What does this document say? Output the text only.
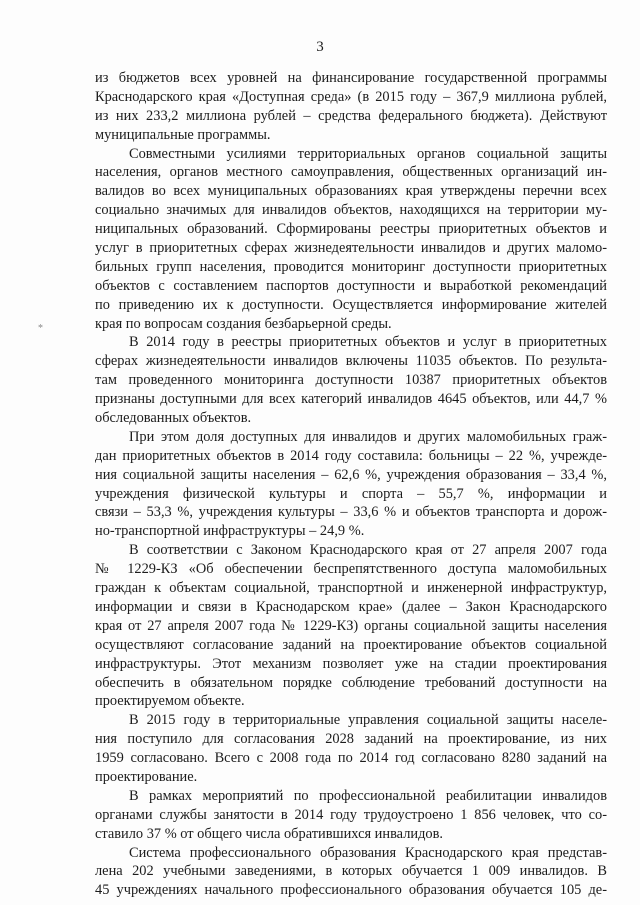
3
*
из бюджетов всех уровней на финансирование государственной программы
Краснодарского края «Доступная среда» (в 2015 году – 367,9 миллиона рублей,
из них 233,2 миллиона рублей – средства федерального бюджета). Действуют
муниципальные программы.
Совместными усилиями территориальных органов социальной защиты
населения, органов местного самоуправления, общественных организаций ин-
валидов во всех муниципальных образованиях края утверждены перечни всех
социально значимых для инвалидов объектов, находящихся на территории му-
ниципальных образований. Сформированы реестры приоритетных объектов и
услуг в приоритетных сферах жизнедеятельности инвалидов и других маломо-
бильных групп населения, проводится мониторинг доступности приоритетных
объектов с составлением паспортов доступности и выработкой рекомендаций
по приведению их к доступности. Осуществляется информирование жителей
края по вопросам создания безбарьерной среды.
В 2014 году в реестры приоритетных объектов и услуг в приоритетных
сферах жизнедеятельности инвалидов включены 11035 объектов. По результа-
там проведенного мониторинга доступности 10387 приоритетных объектов
признаны доступными для всех категорий инвалидов 4645 объектов, или 44,7 %
обследованных объектов.
При этом доля доступных для инвалидов и других маломобильных граж-
дан приоритетных объектов в 2014 году составила: больницы – 22 %, учрежде-
ния социальной защиты населения – 62,6 %, учреждения образования – 33,4 %,
учреждения физической культуры и спорта – 55,7 %, информации и
связи – 53,3 %, учреждения культуры – 33,6 % и объектов транспорта и дорож-
но-транспортной инфраструктуры – 24,9 %.
В соответствии с Законом Краснодарского края от 27 апреля 2007 года
№ 1229-КЗ «Об обеспечении беспрепятственного доступа маломобильных
граждан к объектам социальной, транспортной и инженерной инфраструктур,
информации и связи в Краснодарском крае» (далее – Закон Краснодарского
края от 27 апреля 2007 года № 1229-КЗ) органы социальной защиты населения
осуществляют согласование заданий на проектирование объектов социальной
инфраструктуры. Этот механизм позволяет уже на стадии проектирования
обеспечить в обязательном порядке соблюдение требований доступности на
проектируемом объекте.
В 2015 году в территориальные управления социальной защиты населе-
ния поступило для согласования 2028 заданий на проектирование, из них
1959 согласовано. Всего с 2008 года по 2014 год согласовано 8280 заданий на
проектирование.
В рамках мероприятий по профессиональной реабилитации инвалидов
органами службы занятости в 2014 году трудоустроено 1 856 человек, что со-
ставило 37 % от общего числа обратившихся инвалидов.
Система профессионального образования Краснодарского края представ-
лена 202 учебными заведениями, в которых обучается 1 009 инвалидов. В
45 учреждениях начального профессионального образования обучается 105 де-
